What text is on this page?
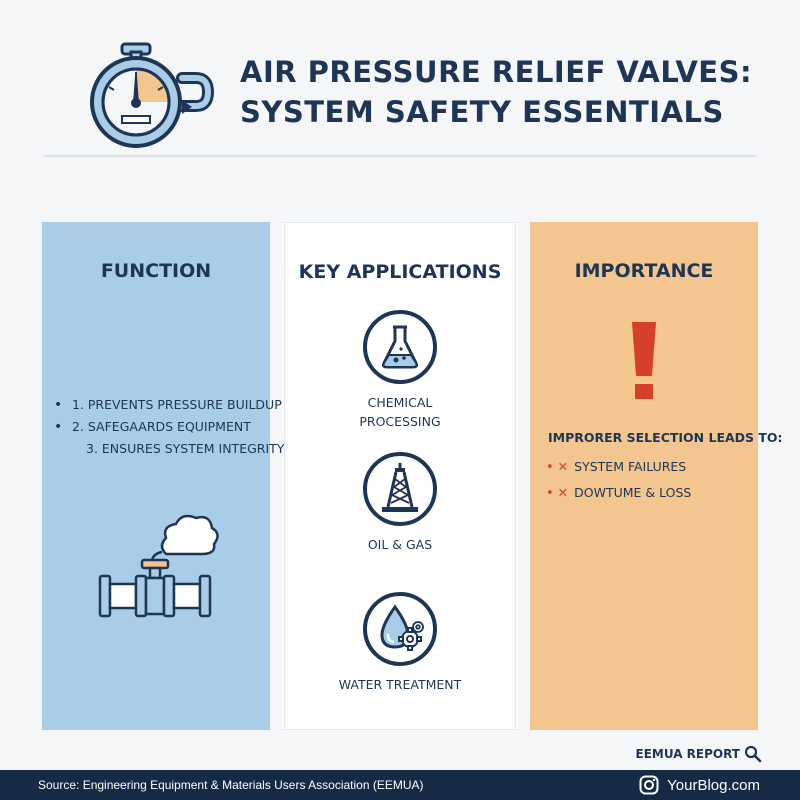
AIR PRESSURE RELIEF VALVES:
SYSTEM SAFETY ESSENTIALS
FUNCTION
• 1. PREVENTS PRESSURE BUILDUP
• 2. SAFEGAARDS EQUIPMENT
3. ENSURES SYSTEM INTEGRITY
KEY APPLICATIONS
CHEMICAL
PROCESSING
OIL & GAS
WATER TREATMENT
IMPORTANCE
IMPRORER SELECTION LEADS TO:
• ✕ SYSTEM FAILURES
• ✕ DOWTUME & LOSS
EEMUA REPORT
Source: Engineering Equipment & Materials Users Association (EEMUA)	YourBlog.com
